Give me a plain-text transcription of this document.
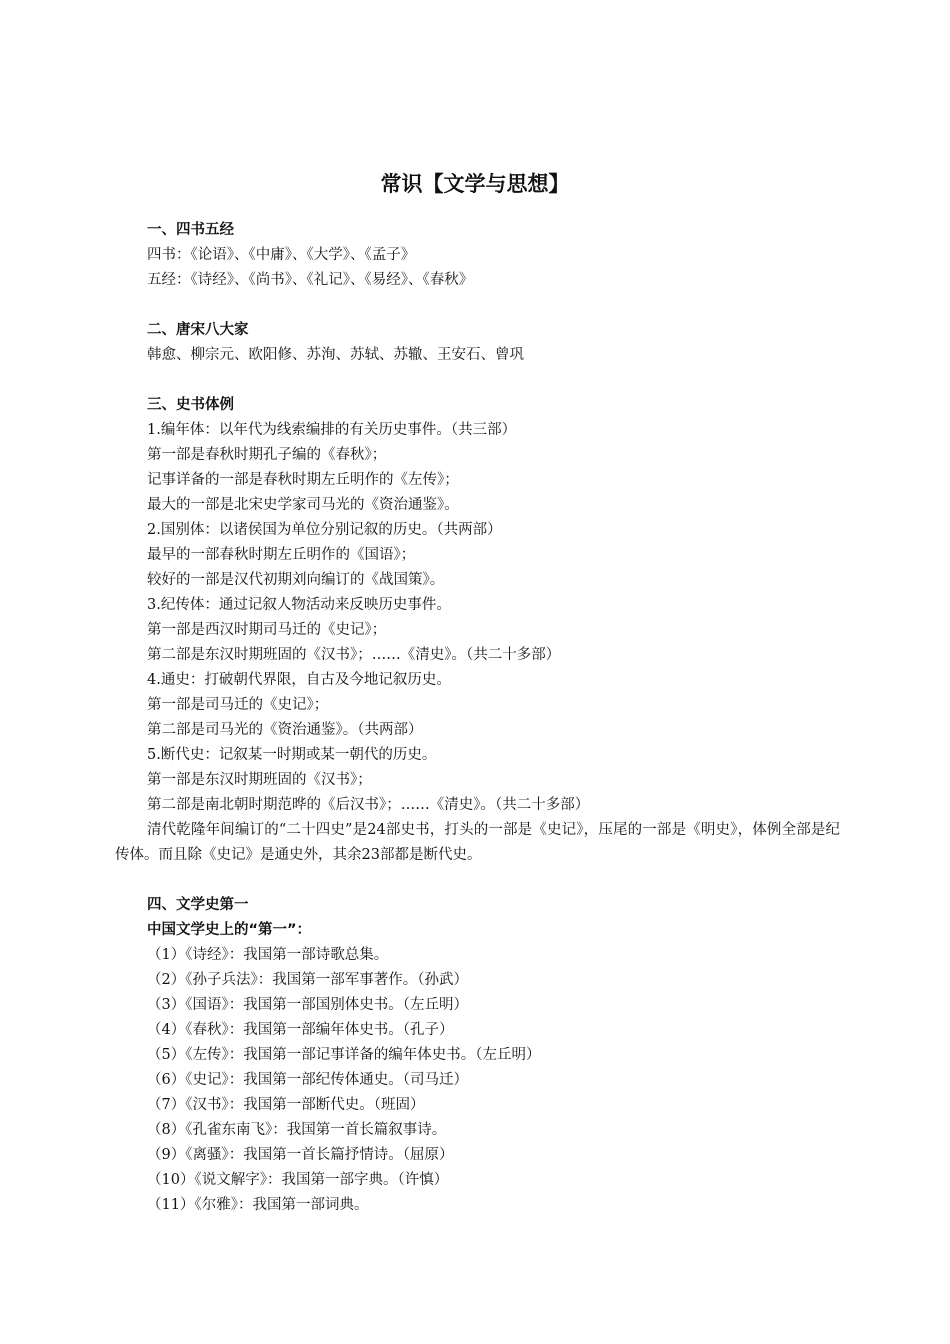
常识【文学与思想】
一、四书五经
四书：《论语》、《中庸》、《大学》、《孟子》
五经：《诗经》、《尚书》、《礼记》、《易经》、《春秋》
二、唐宋八大家
韩愈、柳宗元、欧阳修、苏洵、苏轼、苏辙、王安石、曾巩
三、史书体例
1.编年体：以年代为线索编排的有关历史事件。（共三部）
第一部是春秋时期孔子编的《春秋》；
记事详备的一部是春秋时期左丘明作的《左传》；
最大的一部是北宋史学家司马光的《资治通鉴》。
2.国别体：以诸侯国为单位分别记叙的历史。（共两部）
最早的一部春秋时期左丘明作的《国语》；
较好的一部是汉代初期刘向编订的《战国策》。
3.纪传体：通过记叙人物活动来反映历史事件。
第一部是西汉时期司马迁的《史记》；
第二部是东汉时期班固的《汉书》；……《清史》。（共二十多部）
4.通史：打破朝代界限，自古及今地记叙历史。
第一部是司马迁的《史记》；
第二部是司马光的《资治通鉴》。（共两部）
5.断代史：记叙某一时期或某一朝代的历史。
第一部是东汉时期班固的《汉书》；
第二部是南北朝时期范晔的《后汉书》；……《清史》。（共二十多部）
清代乾隆年间编订的“二十四史”是24部史书，打头的一部是《史记》，压尾的一部是《明史》，体例全部是纪传体。而且除《史记》是通史外，其余23部都是断代史。
四、文学史第一
中国文学史上的“第一”：
（1）《诗经》：我国第一部诗歌总集。
（2）《孙子兵法》：我国第一部军事著作。（孙武）
（3）《国语》：我国第一部国别体史书。（左丘明）
（4）《春秋》：我国第一部编年体史书。（孔子）
（5）《左传》：我国第一部记事详备的编年体史书。（左丘明）
（6）《史记》：我国第一部纪传体通史。（司马迁）
（7）《汉书》：我国第一部断代史。（班固）
（8）《孔雀东南飞》：我国第一首长篇叙事诗。
（9）《离骚》：我国第一首长篇抒情诗。（屈原）
（10）《说文解字》：我国第一部字典。（许慎）
（11）《尔雅》：我国第一部词典。
